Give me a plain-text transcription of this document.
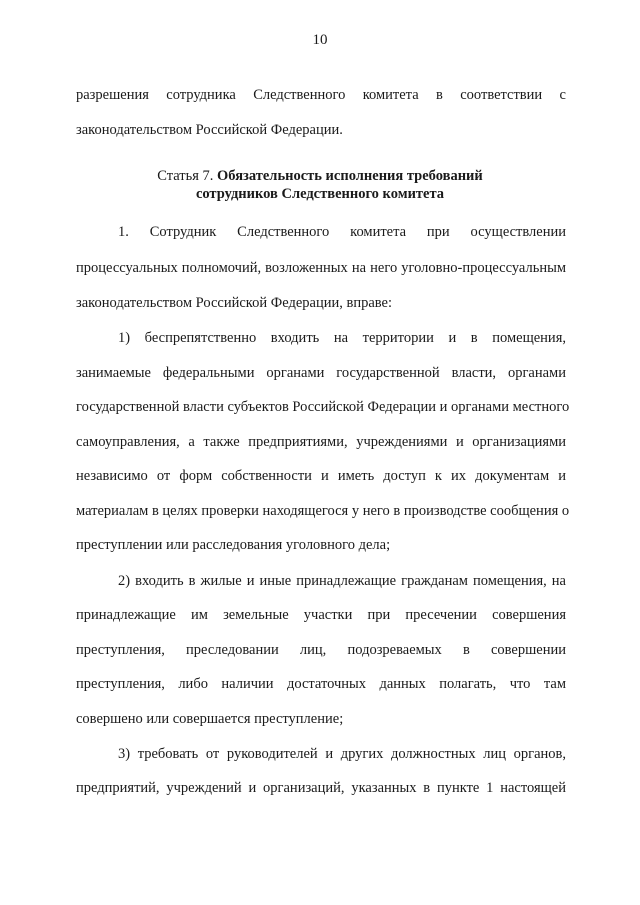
10
разрешения сотрудника Следственного комитета в соответствии с
законодательством Российской Федерации.
Статья 7. Обязательность исполнения требований
сотрудников Следственного комитета
1. Сотрудник Следственного комитета при осуществлении
процессуальных полномочий, возложенных на него уголовно-процессуальным
законодательством Российской Федерации, вправе:
1) беспрепятственно входить на территории и в помещения,
занимаемые федеральными органами государственной власти, органами
государственной власти субъектов Российской Федерации и органами местного
самоуправления, а также предприятиями, учреждениями и организациями
независимо от форм собственности и иметь доступ к их документам и
материалам в целях проверки находящегося у него в производстве сообщения о
преступлении или расследования уголовного дела;
2) входить в жилые и иные принадлежащие гражданам помещения, на
принадлежащие им земельные участки при пресечении совершения
преступления, преследовании лиц, подозреваемых в совершении
преступления, либо наличии достаточных данных полагать, что там
совершено или совершается преступление;
3) требовать от руководителей и других должностных лиц органов,
предприятий, учреждений и организаций, указанных в пункте 1 настоящей
